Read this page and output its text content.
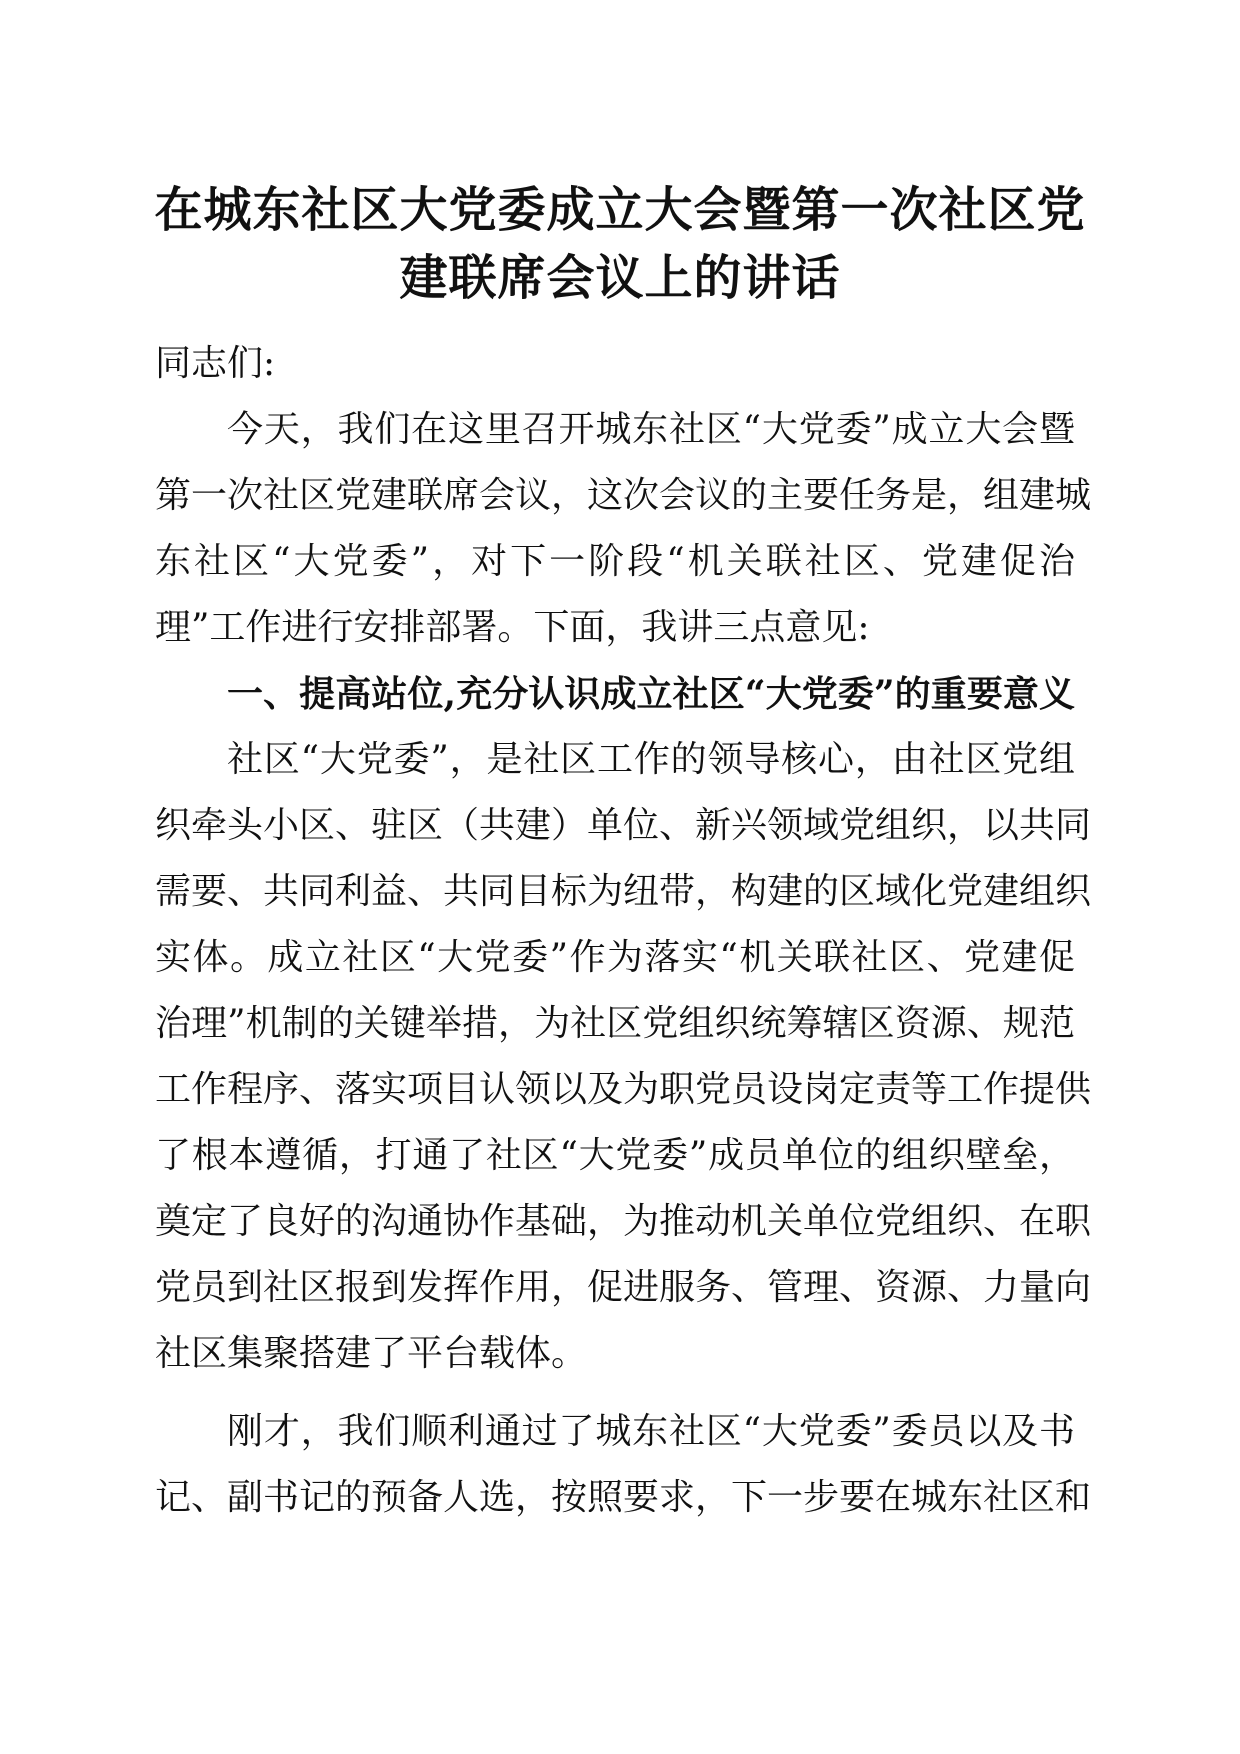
在城东社区大党委成立大会暨第一次社区党
建联席会议上的讲话

同志们:

今天，我们在这里召开城东社区“大党委”成立大会暨

第一次社区党建联席会议，这次会议的主要任务是，组建城

东社区“大党委”，对下一阶段“机关联社区、党建促治

理”工作进行安排部署。下面，我讲三点意见:

一、提高站位,充分认识成立社区“大党委”的重要意义

社区“大党委”，是社区工作的领导核心，由社区党组

织牵头小区、驻区（共建）单位、新兴领域党组织，以共同

需要、共同利益、共同目标为纽带，构建的区域化党建组织

实体。成立社区“大党委”作为落实“机关联社区、党建促

治理”机制的关键举措，为社区党组织统筹辖区资源、规范

工作程序、落实项目认领以及为职党员设岗定责等工作提供

了根本遵循，打通了社区“大党委”成员单位的组织壁垒，

奠定了良好的沟通协作基础，为推动机关单位党组织、在职

党员到社区报到发挥作用，促进服务、管理、资源、力量向

社区集聚搭建了平台载体。

刚才，我们顺利通过了城东社区“大党委”委员以及书

记、副书记的预备人选，按照要求，下一步要在城东社区和
